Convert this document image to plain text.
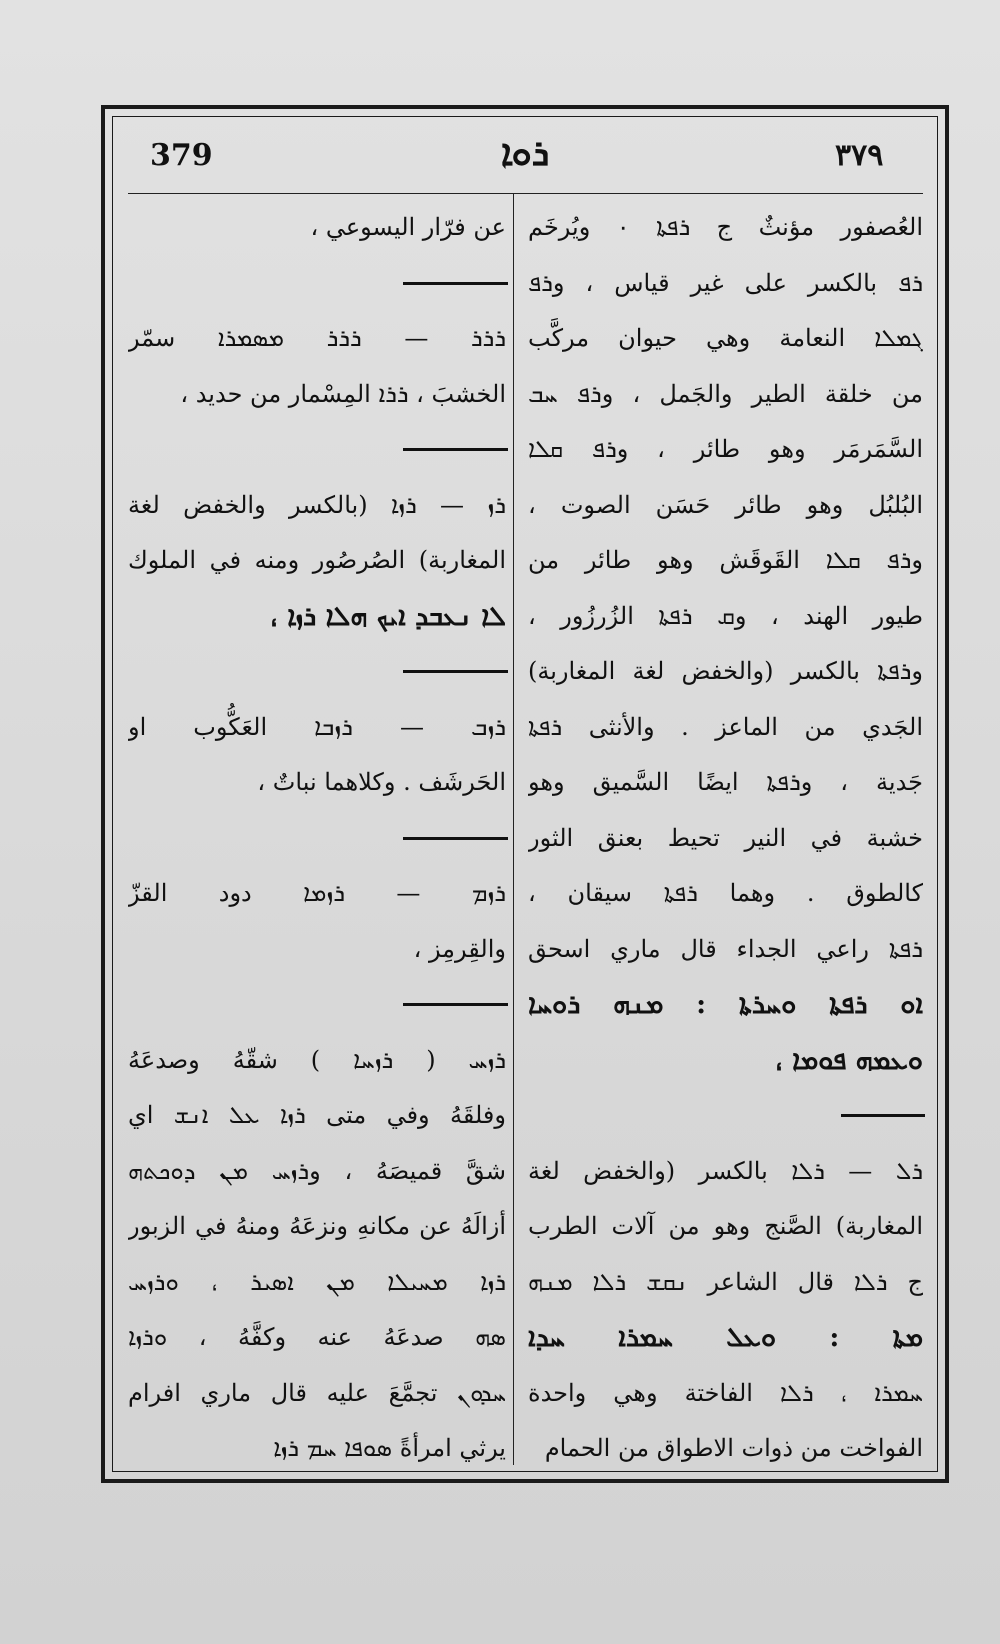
379	ܪܘܐ	٣٧٩
العُصفور مؤنثٌ ج ܪܦܬܐ ٠ ويُرخَم
ܪܦ بالكسر على غير قياس ، وܪܦ
ܓܡܠܐ النعامة وهي حيوان مركَّب
من خلقة الطير والجَمل ، وܪܦ ܚܒ
السَّمَرمَر وهو طائر ، وܪܦ ܩܠܐ
البُلبُل وهو طائر حَسَن الصوت ،
وܪܦ ܩܠܐ القَوقَش وهو طائر من
طيور الهند ، وܩ ܪܦܬܐ الزُرزُور ،
وܪܦܬܐ بالكسر (والخفض لغة المغاربة)
الجَدي من الماعز . والأنثى ܪܦܬܐ
جَدية ، وܪܦܬܐ ايضًا السَّميق وهو
خشبة في النير تحيط بعنق الثور
كالطوق . وهما ܪܦܬܐ سيقان ،
ܪܦܬܐ راعي الجداء قال ماري اسحق
ܐܘ ܪܦܬܐ ܘܚܪܬܐ : ܡܢܗ ܪܘܚܐ
ܘܥܡܗ ܦܘܡܐ ،
ܪܠ — ܪܠܐ بالكسر (والخفض لغة
المغاربة) الصَّنج وهو من آلات الطرب
ج ܪܠܐ قال الشاعر ܢܩܫ ܪܠܐ ܡܢܗ
ܡܬܐ : ܘܥܠ ܚܡܪܐ ܚܕܐ
ܚܡܪܐ ، ܪܠܐ الفاختة وهي واحدة
الفواخت من ذوات الاطواق من الحمام
عن فرّار اليسوعي ،
ܪܪܪ — ܪܪܪ ܡܣܡܪܐ سمّر
الخشبَ ، ܪܪܐ المِسْمار من حديد ،
ܪܙ — ܪܙܐ (بالكسر والخفض لغة
المغاربة) الصُرصُور ومنه في الملوك
ܠܐ ܢܥܒܕ ܐܝܟ ܗܠܐ ܪܙܐ ،
ܪܙܒ — ܪܙܒܐ العَكُّوب او
الحَرشَف . وكلاهما نباتٌ ،
ܪܙܡ — ܪܙܡܐ دود القزّ
والقِرمِز ،
ܪܙܚ ( ܪܙܚܐ ) شقّهُ وصدعَهُ
وفلقَهُ وفي متى ܪܙܐ ܥܠ ܐܢܫ اي
شقَّ قميصَهُ ، وܪܙܚ ܡܢ ܕܘܟܬܗ
أزالَهُ عن مكانهِ ونزعَهُ ومنهُ في الزبور
ܪܙܐ ܡܚܝܠܐ ܡܢ ܐܣܝܪ ، ܘܪܙܚ
ܣܗ صدعَهُ عنه وكفَّهُ ، ܘܪܙܐ
ܚܕܘܢ تجمَّعَ عليه قال ماري افرام
يرثي امرأةً ܣܘܦܐ ܚܡ ܪܙܐ
